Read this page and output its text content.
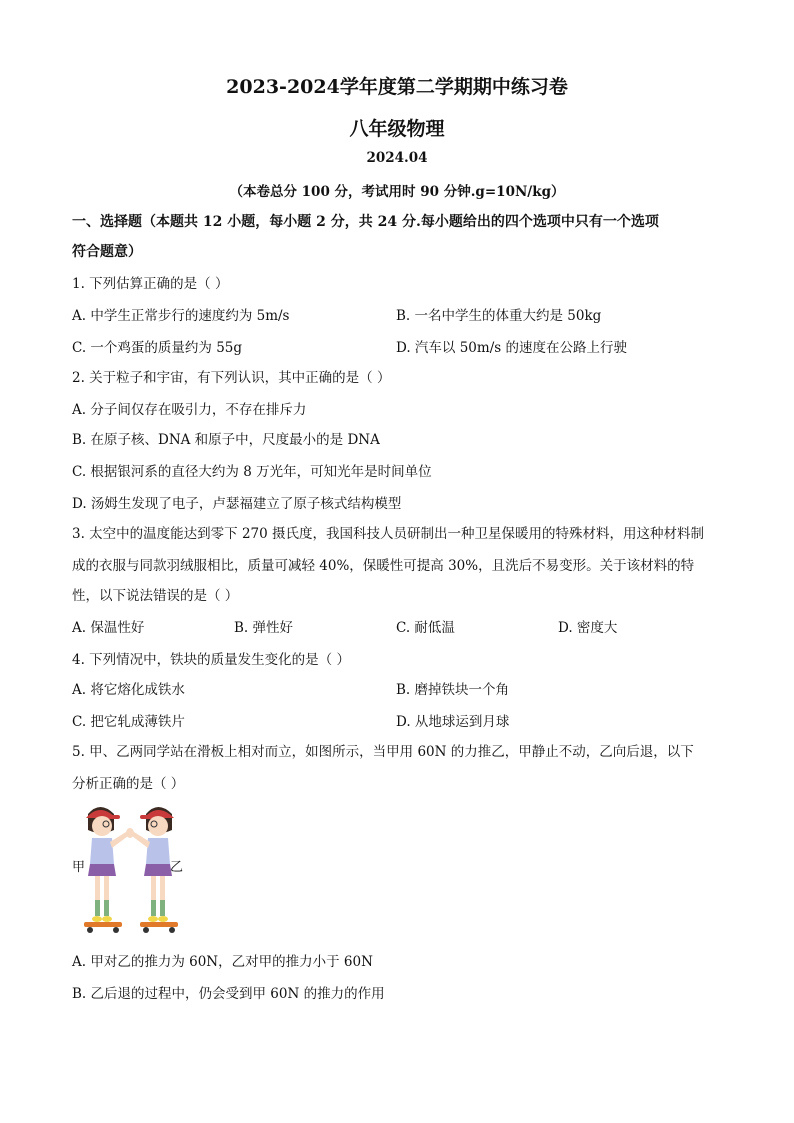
2023-2024学年度第二学期期中练习卷
八年级物理
2024.04
（本卷总分 100 分，考试用时 90 分钟.g=10N/kg）
一、选择题（本题共 12 小题，每小题 2 分，共 24 分.每小题给出的四个选项中只有一个选项
符合题意）
1. 下列估算正确的是（ ）
A. 中学生正常步行的速度约为 5m/s	B. 一名中学生的体重大约是 50kg
C. 一个鸡蛋的质量约为 55g	D. 汽车以 50m/s 的速度在公路上行驶
2. 关于粒子和宇宙，有下列认识，其中正确的是（ ）
A. 分子间仅存在吸引力，不存在排斥力
B. 在原子核、DNA 和原子中，尺度最小的是 DNA
C. 根据银河系的直径大约为 8 万光年，可知光年是时间单位
D. 汤姆生发现了电子，卢瑟福建立了原子核式结构模型
3. 太空中的温度能达到零下 270 摄氏度，我国科技人员研制出一种卫星保暖用的特殊材料，用这种材料制
成的衣服与同款羽绒服相比，质量可减轻 40%，保暖性可提高 30%，且洗后不易变形。关于该材料的特
性，以下说法错误的是（ ）
A. 保温性好	B. 弹性好	C. 耐低温	D. 密度大
4. 下列情况中，铁块的质量发生变化的是（ ）
A. 将它熔化成铁水	B. 磨掉铁块一个角
C. 把它轧成薄铁片	D. 从地球运到月球
5. 甲、乙两同学站在滑板上相对而立，如图所示，当甲用 60N 的力推乙，甲静止不动，乙向后退，以下
分析正确的是（ ）
甲	乙
A. 甲对乙的推力为 60N，乙对甲的推力小于 60N
B. 乙后退的过程中，仍会受到甲 60N 的推力的作用
